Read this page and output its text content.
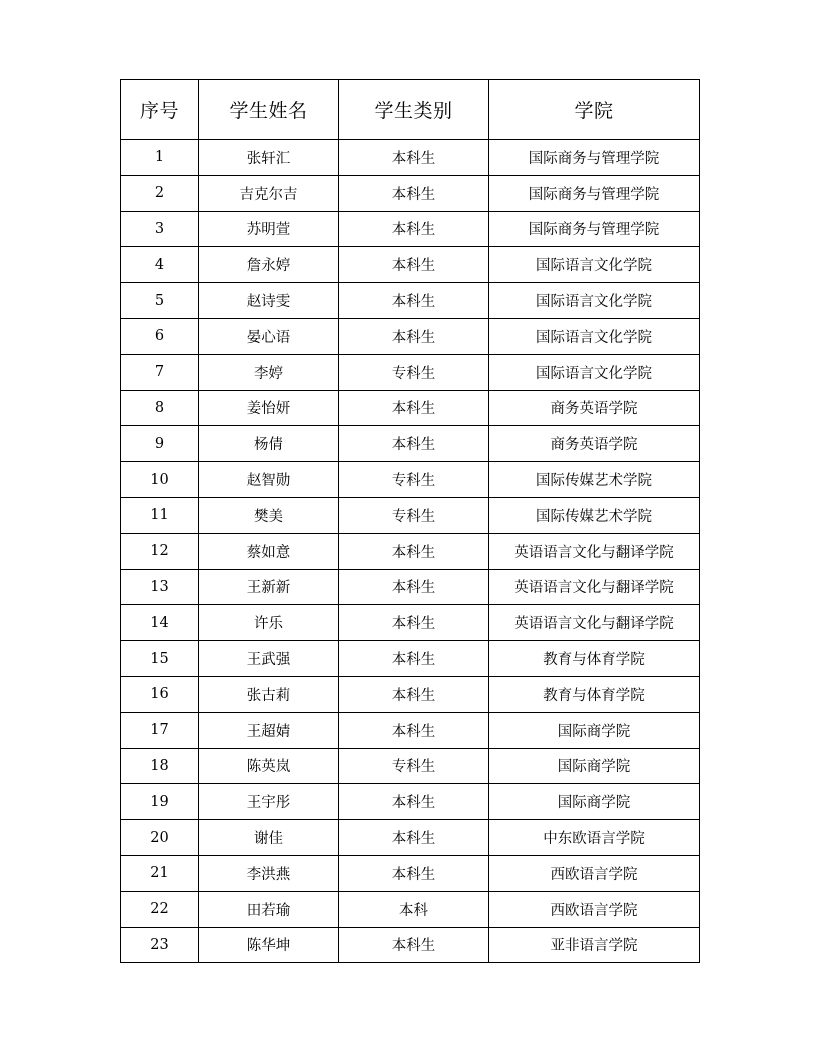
序号	学生姓名	学生类别	学院
1	张轩汇	本科生	国际商务与管理学院
2	吉克尔吉	本科生	国际商务与管理学院
3	苏明萱	本科生	国际商务与管理学院
4	詹永婷	本科生	国际语言文化学院
5	赵诗雯	本科生	国际语言文化学院
6	晏心语	本科生	国际语言文化学院
7	李婷	专科生	国际语言文化学院
8	姜怡妍	本科生	商务英语学院
9	杨倩	本科生	商务英语学院
10	赵智勋	专科生	国际传媒艺术学院
11	樊美	专科生	国际传媒艺术学院
12	蔡如意	本科生	英语语言文化与翻译学院
13	王新新	本科生	英语语言文化与翻译学院
14	许乐	本科生	英语语言文化与翻译学院
15	王武强	本科生	教育与体育学院
16	张古莉	本科生	教育与体育学院
17	王超婧	本科生	国际商学院
18	陈英岚	专科生	国际商学院
19	王宇彤	本科生	国际商学院
20	谢佳	本科生	中东欧语言学院
21	李洪燕	本科生	西欧语言学院
22	田若瑜	本科	西欧语言学院
23	陈华坤	本科生	亚非语言学院
